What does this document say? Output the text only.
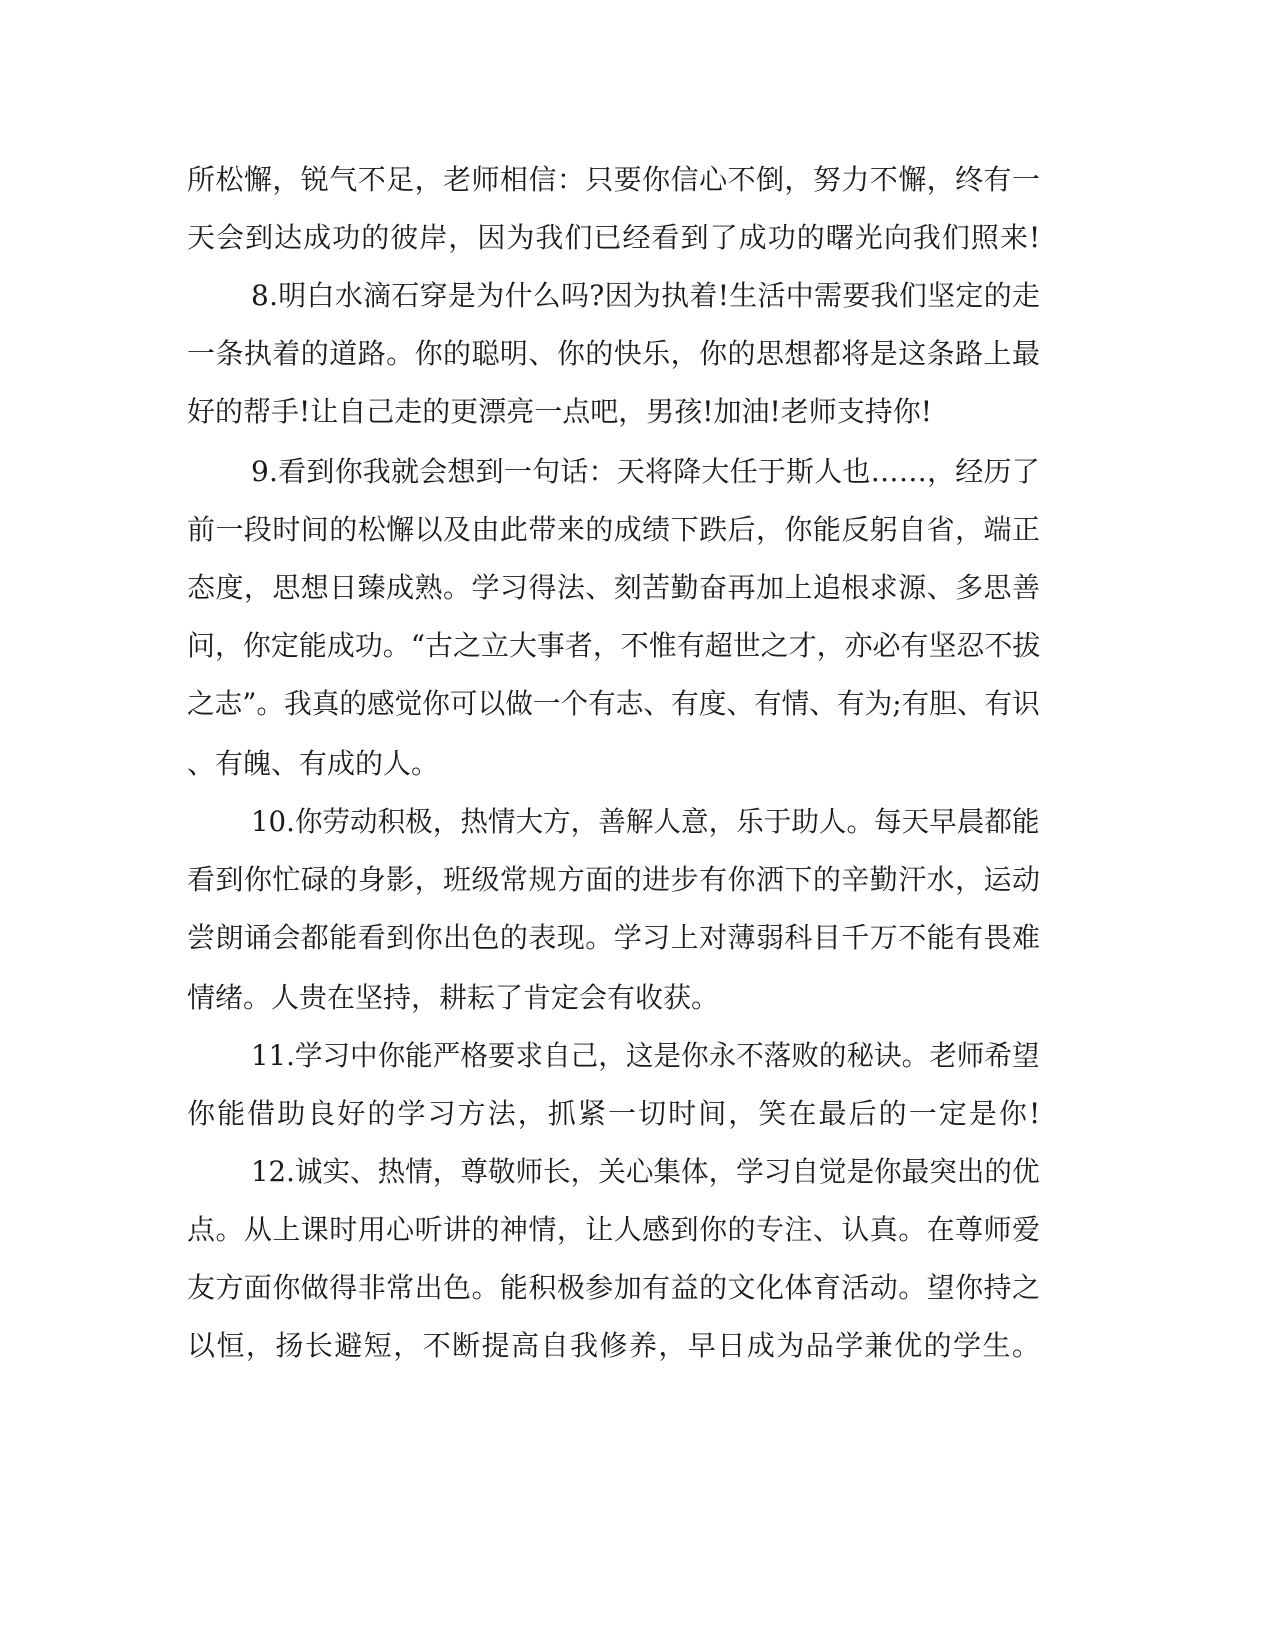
所松懈，锐气不足，老师相信：只要你信心不倒，努力不懈，终有一
天会到达成功的彼岸，因为我们已经看到了成功的曙光向我们照来!
8.明白水滴石穿是为什么吗?因为执着!生活中需要我们坚定的走
一条执着的道路。你的聪明、你的快乐，你的思想都将是这条路上最
好的帮手!让自己走的更漂亮一点吧，男孩!加油!老师支持你!
9.看到你我就会想到一句话：天将降大任于斯人也……，经历了
前一段时间的松懈以及由此带来的成绩下跌后，你能反躬自省，端正
态度，思想日臻成熟。学习得法、刻苦勤奋再加上追根求源、多思善
问，你定能成功。“古之立大事者，不惟有超世之才，亦必有坚忍不拔
之志”。我真的感觉你可以做一个有志、有度、有情、有为;有胆、有识
、有魄、有成的人。
10.你劳动积极，热情大方，善解人意，乐于助人。每天早晨都能
看到你忙碌的身影，班级常规方面的进步有你洒下的辛勤汗水，运动
尝朗诵会都能看到你出色的表现。学习上对薄弱科目千万不能有畏难
情绪。人贵在坚持，耕耘了肯定会有收获。
11.学习中你能严格要求自己，这是你永不落败的秘诀。老师希望
你能借助良好的学习方法，抓紧一切时间，笑在最后的一定是你!
12.诚实、热情，尊敬师长，关心集体，学习自觉是你最突出的优
点。从上课时用心听讲的神情，让人感到你的专注、认真。在尊师爱
友方面你做得非常出色。能积极参加有益的文化体育活动。望你持之
以恒，扬长避短，不断提高自我修养，早日成为品学兼优的学生。
